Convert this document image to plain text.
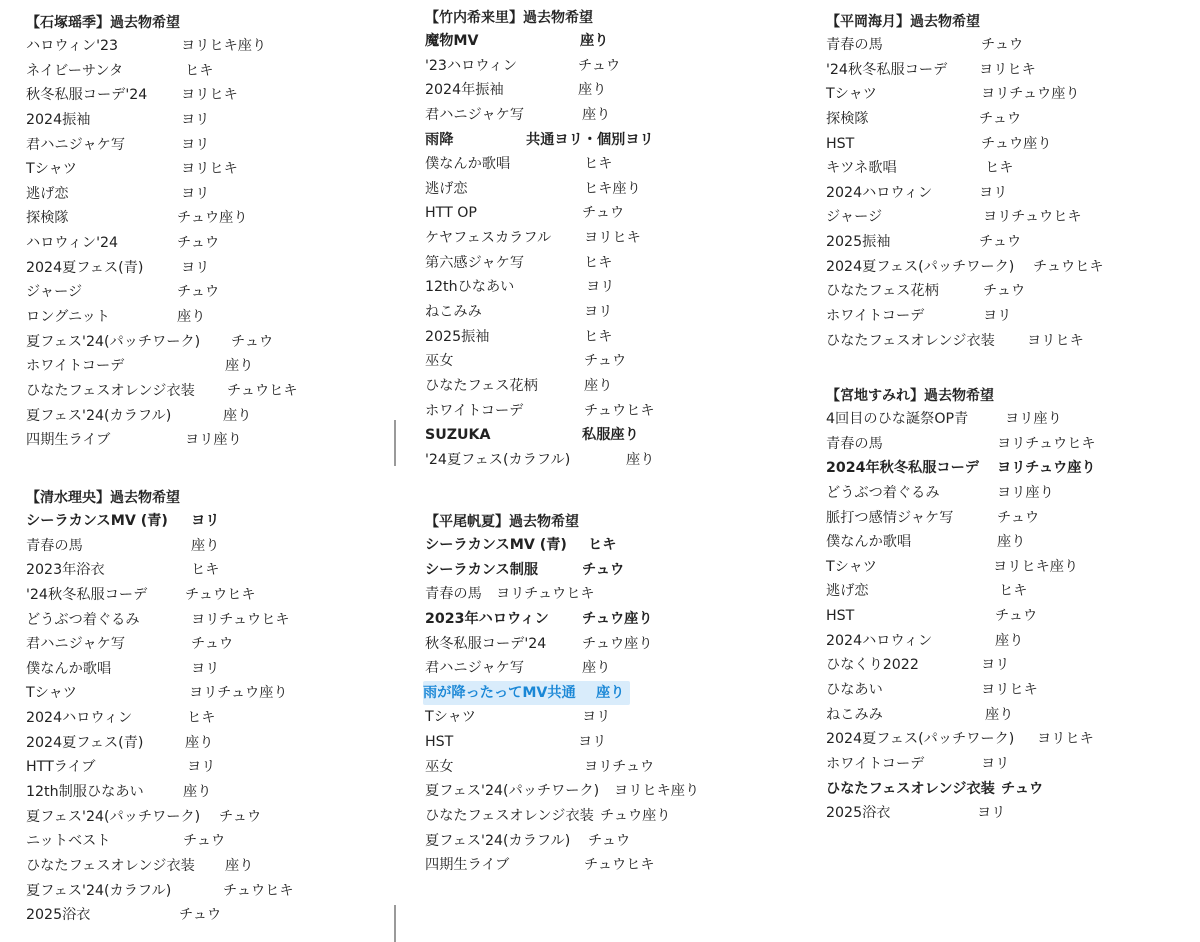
【石塚瑶季】過去物希望
ハロウィン'23	ヨリヒキ座り
ネイビーサンタ	ヒキ
秋冬私服コーデ'24 ヨリヒキ
2024振袖	ヨリ
君ハニジャケ写	ヨリ
Tシャツ	ヨリヒキ
逃げ恋	ヨリ
探検隊	チュウ座り
ハロウィン'24	チュウ
2024夏フェス(青)	ヨリ
ジャージ	チュウ
ロングニット	座り
夏フェス'24(パッチワーク) チュウ
ホワイトコーデ	座り
ひなたフェスオレンジ衣装 チュウヒキ
夏フェス'24(カラフル)	座り
四期生ライブ	ヨリ座り
【清水理央】過去物希望
シーラカンスMV (青) ヨリ
青春の馬	座り
2023年浴衣	ヒキ
'24秋冬私服コーデ	チュウヒキ
どうぶつ着ぐるみ	ヨリチュウヒキ
君ハニジャケ写	チュウ
僕なんか歌唱	ヨリ
Tシャツ	ヨリチュウ座り
2024ハロウィン	ヒキ
2024夏フェス(青)	座り
HTTライブ	ヨリ
12th制服ひなあい	座り
夏フェス'24(パッチワーク) チュウ
ニットベスト	チュウ
ひなたフェスオレンジ衣装 座り
夏フェス'24(カラフル)	チュウヒキ
2025浴衣	チュウ
【竹内希来里】過去物希望
魔物MV	座り
'23ハロウィン	チュウ
2024年振袖	座り
君ハニジャケ写	座り
雨降	共通ヨリ・個別ヨリ
僕なんか歌唱	ヒキ
逃げ恋	ヒキ座り
HTT OP	チュウ
ケヤフェスカラフル ヨリヒキ
第六感ジャケ写	ヒキ
12thひなあい	ヨリ
ねこみみ	ヨリ
2025振袖	ヒキ
巫女	チュウ
ひなたフェス花柄	座り
ホワイトコーデ	チュウヒキ
SUZUKA	私服座り
'24夏フェス(カラフル)	座り
【平尾帆夏】過去物希望
シーラカンスMV (青) ヒキ
シーラカンス制服	チュウ
青春の馬 ヨリチュウヒキ
2023年ハロウィン チュウ座り
秋冬私服コーデ'24	チュウ座り
君ハニジャケ写	座り
雨が降ったってMV共通 座り
Tシャツ	ヨリ
HST	ヨリ
巫女	ヨリチュウ
夏フェス'24(パッチワーク) ヨリヒキ座り
ひなたフェスオレンジ衣装 チュウ座り
夏フェス'24(カラフル) チュウ
四期生ライブ	チュウヒキ
【平岡海月】過去物希望
青春の馬	チュウ
'24秋冬私服コーデ ヨリヒキ
Tシャツ	ヨリチュウ座り
探検隊	チュウ
HST	チュウ座り
キツネ歌唱	ヒキ
2024ハロウィン	ヨリ
ジャージ	ヨリチュウヒキ
2025振袖	チュウ
2024夏フェス(パッチワーク) チュウヒキ
ひなたフェス花柄	チュウ
ホワイトコーデ	ヨリ
ひなたフェスオレンジ衣装 ヨリヒキ
【宮地すみれ】過去物希望
4回目のひな誕祭OP青	ヨリ座り
青春の馬	ヨリチュウヒキ
2024年秋冬私服コーデ ヨリチュウ座り
どうぶつ着ぐるみ	ヨリ座り
脈打つ感情ジャケ写	チュウ
僕なんか歌唱	座り
Tシャツ	ヨリヒキ座り
逃げ恋	ヒキ
HST	チュウ
2024ハロウィン	座り
ひなくり2022	ヨリ
ひなあい	ヨリヒキ
ねこみみ	座り
2024夏フェス(パッチワーク) ヨリヒキ
ホワイトコーデ	ヨリ
ひなたフェスオレンジ衣装 チュウ
2025浴衣	ヨリ
